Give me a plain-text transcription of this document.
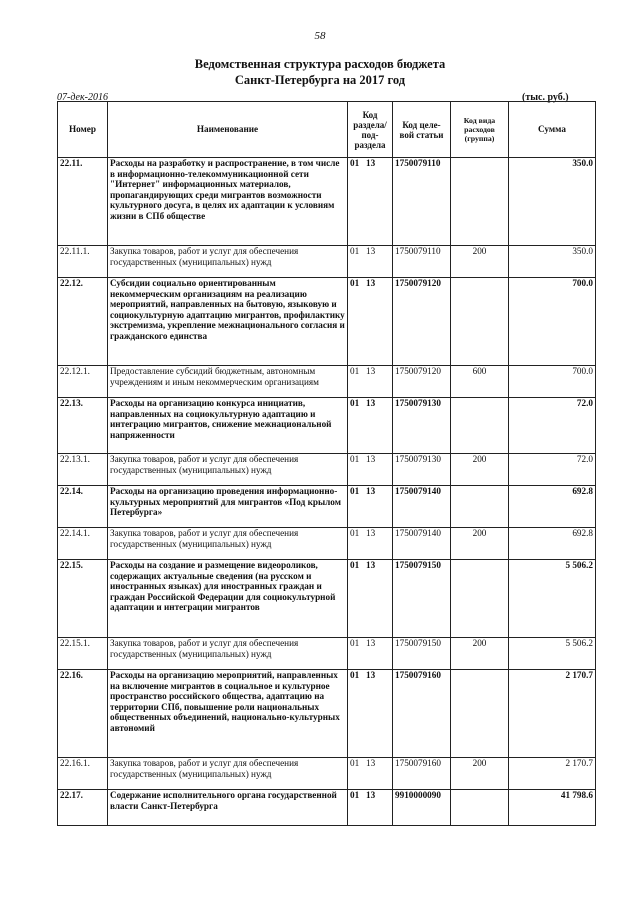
58
Ведомственная структура расходов бюджета
Санкт-Петербурга на 2017 год
07-дек-2016	(тыс. руб.)
Номер	Наименование	Код раздела/ под- раздела	Код целе- вой статьи	Код вида расходов (группа)	Сумма
22.11.	Расходы на разработку и распространение, в том числе в информационно-телекоммуникационной сети "Интернет" информационных материалов, пропагандирующих среди мигрантов возможности культурного досуга, в целях их адаптации к условиям жизни в СПб обществе	01 13	1750079110		350.0
22.11.1.	Закупка товаров, работ и услуг для обеспечения государственных (муниципальных) нужд	01 13	1750079110	200	350.0
22.12.	Субсидии социально ориентированным некоммерческим организациям на реализацию мероприятий, направленных на бытовую, языковую и социокультурную адаптацию мигрантов, профилактику экстремизма, укрепление межнационального согласия и гражданского единства	01 13	1750079120		700.0
22.12.1.	Предоставление субсидий бюджетным, автономным учреждениям и иным некоммерческим организациям	01 13	1750079120	600	700.0
22.13.	Расходы на организацию конкурса инициатив, направленных на социокультурную адаптацию и интеграцию мигрантов, снижение межнациональной напряженности	01 13	1750079130		72.0
22.13.1.	Закупка товаров, работ и услуг для обеспечения государственных (муниципальных) нужд	01 13	1750079130	200	72.0
22.14.	Расходы на организацию проведения информационно-культурных мероприятий для мигрантов «Под крылом Петербурга»	01 13	1750079140		692.8
22.14.1.	Закупка товаров, работ и услуг для обеспечения государственных (муниципальных) нужд	01 13	1750079140	200	692.8
22.15.	Расходы на создание и размещение видеороликов, содержащих актуальные сведения (на русском и иностранных языках) для иностранных граждан и граждан Российской Федерации для социокультурной адаптации и интеграции мигрантов	01 13	1750079150		5 506.2
22.15.1.	Закупка товаров, работ и услуг для обеспечения государственных (муниципальных) нужд	01 13	1750079150	200	5 506.2
22.16.	Расходы на организацию мероприятий, направленных на включение мигрантов в социальное и культурное пространство российского общества, адаптацию на территории СПб, повышение роли национальных общественных объединений, национально-культурных автономий	01 13	1750079160		2 170.7
22.16.1.	Закупка товаров, работ и услуг для обеспечения государственных (муниципальных) нужд	01 13	1750079160	200	2 170.7
22.17.	Содержание исполнительного органа государственной власти Санкт-Петербурга	01 13	9910000090		41 798.6
